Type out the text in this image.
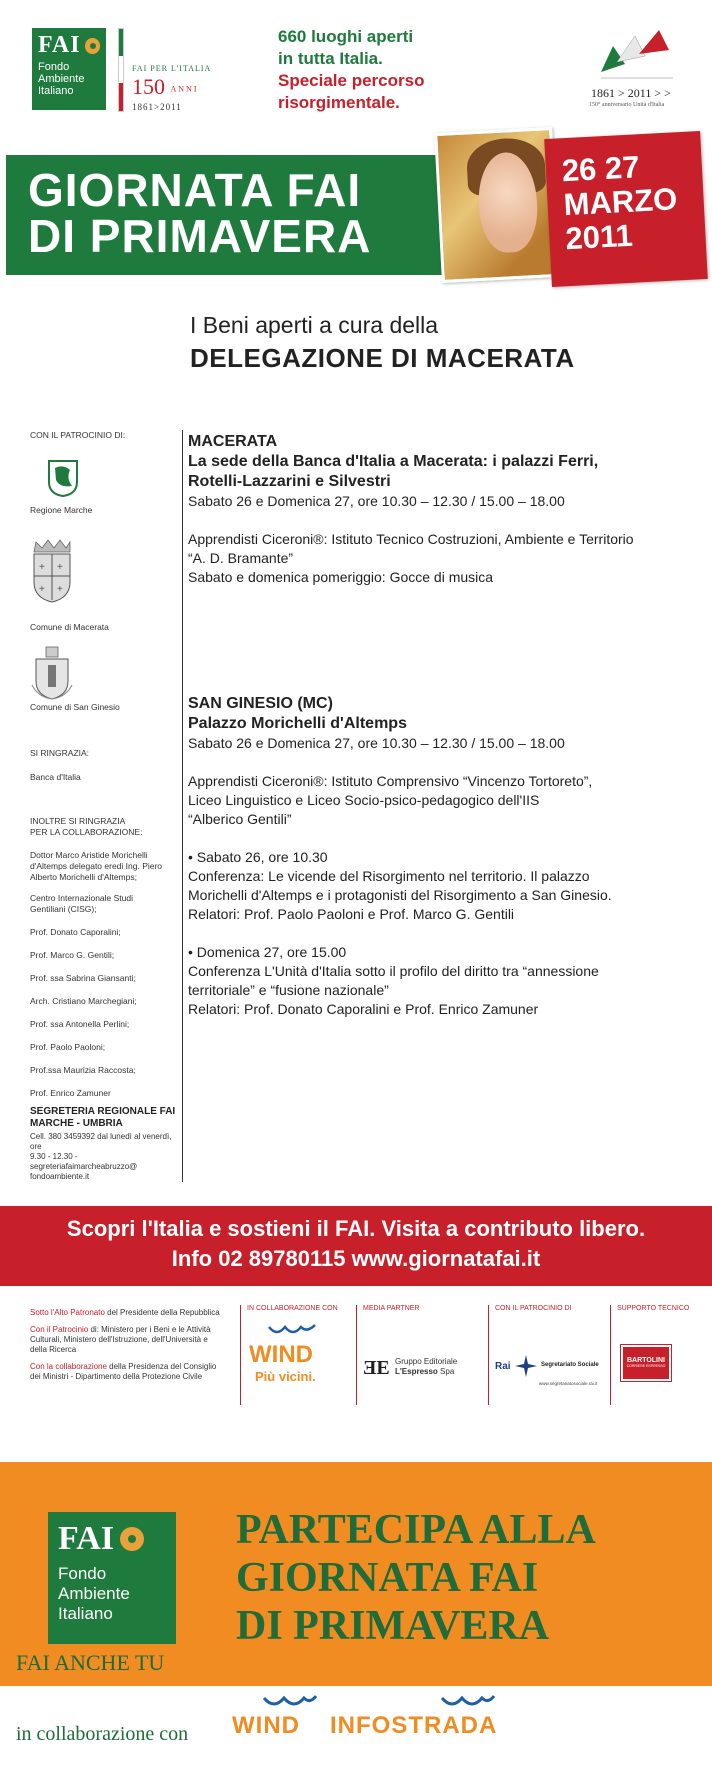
FAI
Fondo
Ambiente
Italiano
FAI PER L'ITALIA
150 ANNI
1861>2011
660 luoghi aperti
in tutta Italia.
Speciale percorso
risorgimentale.	1861 > 2011 > >
150° anniversario Unità d'Italia
GIORNATA FAI
DI PRIMAVERA
26 27
MARZO
2011
I Beni aperti a cura della
DELEGAZIONE DI MACERATA
CON IL PATROCINIO DI:
Regione Marche
+ +
+ +
Comune di Macerata
Comune di San Ginesio
SI RINGRAZIA:
Banca d'Italia
INOLTRE SI RINGRAZIA
PER LA COLLABORAZIONE:
Dottor Marco Aristide Morichelli
d'Altemps delegato eredi Ing. Piero
Alberto Morichelli d'Altemps;
Centro Internazionale Studi
Gentiliani (CISG);
Prof. Donato Caporalini;
Prof. Marco G. Gentili;
Prof. ssa Sabrina Giansanti;
Arch. Cristiano Marchegiani;
Prof. ssa Antonella Perlini;
Prof. Paolo Paoloni;
Prof.ssa Maurizia Raccosta;
Prof. Enrico Zamuner
SEGRETERIA REGIONALE FAI
MARCHE - UMBRIA
Cell. 380 3459392 dal lunedì al venerdì, ore
9.30 - 12.30 - segreteriafaimarcheabruzzo@
fondoambiente.it
MACERATA
La sede della Banca d'Italia a Macerata: i palazzi Ferri,
Rotelli-Lazzarini e Silvestri
Sabato 26 e Domenica 27, ore 10.30 – 12.30 / 15.00 – 18.00
Apprendisti Ciceroni®: Istituto Tecnico Costruzioni, Ambiente e Territorio
“A. D. Bramante”
Sabato e domenica pomeriggio: Gocce di musica
SAN GINESIO (MC)
Palazzo Morichelli d'Altemps
Sabato 26 e Domenica 27, ore 10.30 – 12.30 / 15.00 – 18.00
Apprendisti Ciceroni®: Istituto Comprensivo “Vincenzo Tortoreto”,
Liceo Linguistico e Liceo Socio-psico-pedagogico dell'IIS
“Alberico Gentili”
• Sabato 26, ore 10.30
Conferenza: Le vicende del Risorgimento nel territorio. Il palazzo
Morichelli d'Altemps e i protagonisti del Risorgimento a San Ginesio.
Relatori: Prof. Paolo Paoloni e Prof. Marco G. Gentili
• Domenica 27, ore 15.00
Conferenza L'Unità d'Italia sotto il profilo del diritto tra “annessione
territoriale” e “fusione nazionale”
Relatori: Prof. Donato Caporalini e Prof. Enrico Zamuner
Scopri l'Italia e sostieni il FAI. Visita a contributo libero.
Info 02 89780115 www.giornatafai.it

Sotto l'Alto Patronato del Presidente della Repubblica

Con il Patrocinio di: Ministero per i Beni e le Attività Culturali, Ministero dell'Istruzione, dell'Università e della Ricerca

Con la collaborazione della Presidenza del Consiglio dei Ministri - Dipartimento della Protezione Civile

IN COLLABORAZIONE CON
WIND
Più vicini.
MEDIA PARTNER
ƎE Gruppo Editoriale
L'Espresso Spa
CON IL PATROCINIO DI
Rai	Segretariato Sociale
www.segretariatosociale.rai.it
SUPPORTO TECNICO
BARTOLINI
CORRIERE ESPRESSO
FAI
Fondo
Ambiente
Italiano
FAI ANCHE TU
PARTECIPA ALLA
GIORNATA FAI
DI PRIMAVERA
in collaborazione con WIND INFOSTRADA
